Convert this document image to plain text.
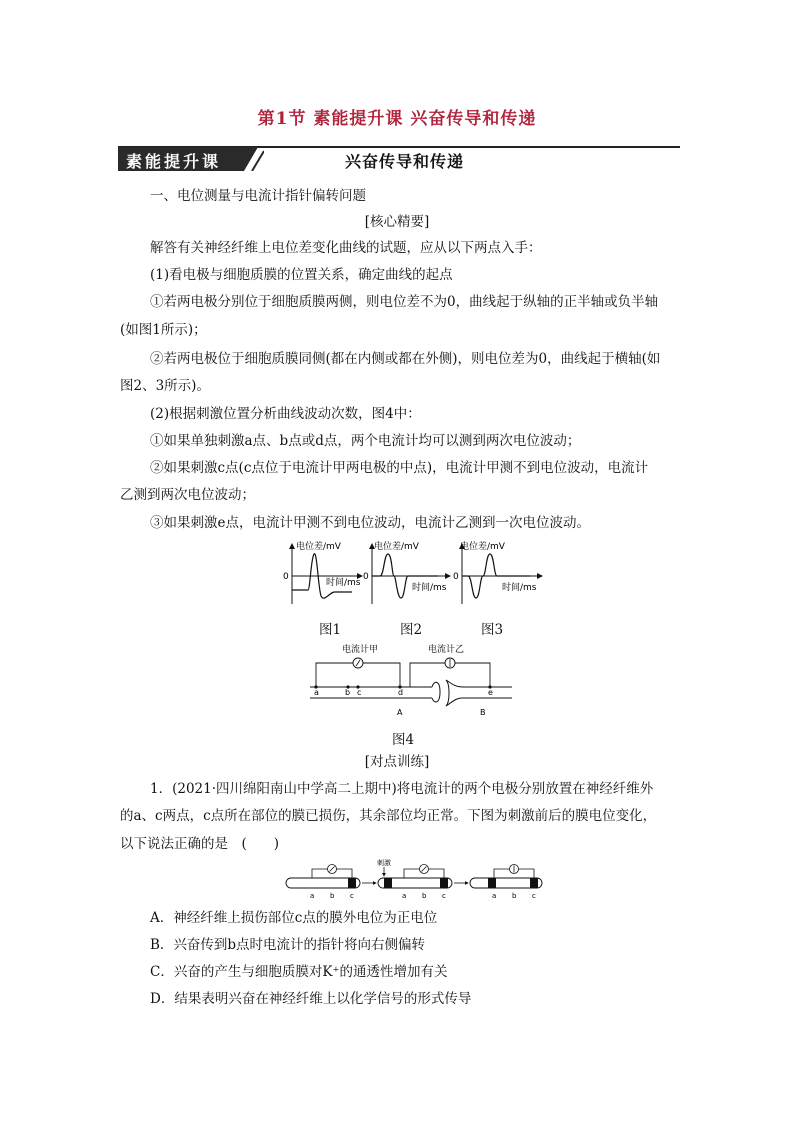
第1节 素能提升课 兴奋传导和传递
素能提升课	兴奋传导和传递
一、电位测量与电流计指针偏转问题
[核心精要]
解答有关神经纤维上电位差变化曲线的试题，应从以下两点入手：
(1)看电极与细胞质膜的位置关系，确定曲线的起点
①若两电极分别位于细胞质膜两侧，则电位差不为0，曲线起于纵轴的正半轴或负半轴
(如图1所示)；
②若两电极位于细胞质膜同侧(都在内侧或都在外侧)，则电位差为0，曲线起于横轴(如
图2、3所示)。
(2)根据刺激位置分析曲线波动次数，图4中：
①如果单独刺激a点、b点或d点，两个电流计均可以测到两次电位波动；
②如果刺激c点(c点位于电流计甲两电极的中点)，电流计甲测不到电位波动，电流计
乙测到两次电位波动；
③如果刺激e点，电流计甲测不到电位波动，电流计乙测到一次电位波动。
电位差/mV
0
时间/ms
电位差/mV
0
时间/ms
电位差/mV
0
时间/ms
图1	图2	图3
电流计甲	电流计乙
a	b c	d	e
A	B
图4
[对点训练]
1．(2021·四川绵阳南山中学高二上期中)将电流计的两个电极分别放置在神经纤维外
的a、c两点，c点所在部位的膜已损伤，其余部位均正常。下图为刺激前后的膜电位变化，
以下说法正确的是　(　　)
a b c
刺激
a b c	a b c
A．神经纤维上损伤部位c点的膜外电位为正电位
B．兴奋传到b点时电流计的指针将向右侧偏转
C．兴奋的产生与细胞质膜对K⁺的通透性增加有关
D．结果表明兴奋在神经纤维上以化学信号的形式传导
